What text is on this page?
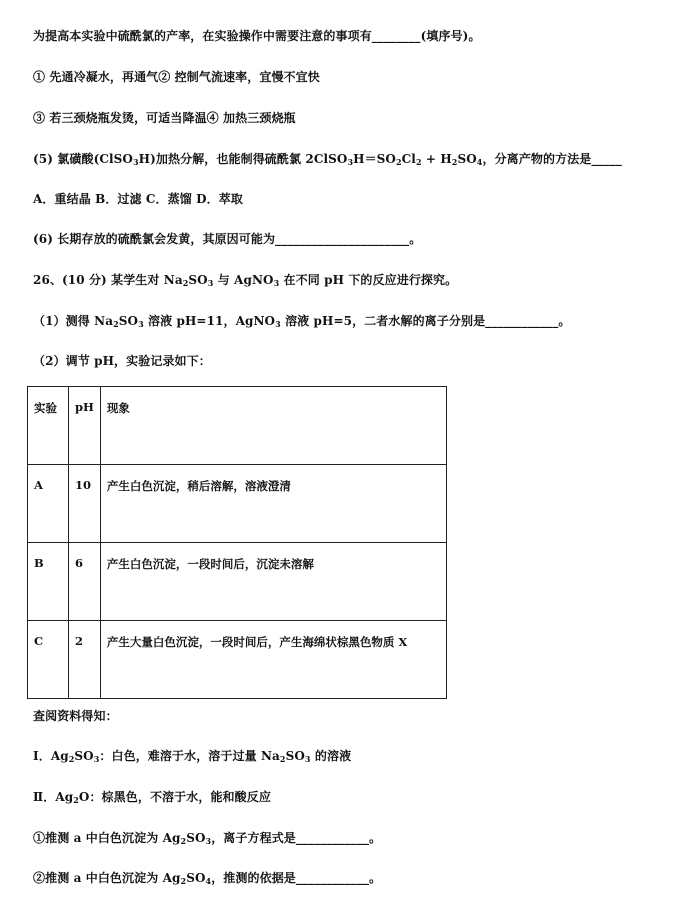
为提高本实验中硫酰氯的产率，在实验操作中需要注意的事项有________(填序号)。
① 先通冷凝水，再通气② 控制气流速率，宜慢不宜快
③ 若三颈烧瓶发烫，可适当降温④ 加热三颈烧瓶
(5) 氯磺酸(ClSO$_3$H)加热分解，也能制得硫酰氯 $2ClSO_3H=SO_2Cl_2 + H_2SO_4$，分离产物的方法是_____
A．重结晶 B．过滤 C．蒸馏 D．萃取
(6) 长期存放的硫酰氯会发黄，其原因可能为______________________。
26、(10 分) 某学生对 $Na_2SO_3$ 与 AgNO$_3$ 在不同 pH 下的反应进行探究。
（1）测得 $Na_2SO_3$ 溶液 pH=11，AgNO$_3$ 溶液 pH=5，二者水解的离子分别是____________。
（2）调节 pH，实验记录如下：
实验	pH	现象
A	10	产生白色沉淀，稍后溶解，溶液澄清
B	6	产生白色沉淀，一段时间后，沉淀未溶解
C	2	产生大量白色沉淀，一段时间后，产生海绵状棕黑色物质 X
查阅资料得知：
Ⅰ．$Ag_2SO_3$：白色，难溶于水，溶于过量 $Na_2SO_3$ 的溶液
Ⅱ．$Ag_2O$：棕黑色，不溶于水，能和酸反应
①推测 a 中白色沉淀为 $Ag_2SO_3$，离子方程式是____________。
②推测 a 中白色沉淀为 $Ag_2SO_4$，推测的依据是____________。
